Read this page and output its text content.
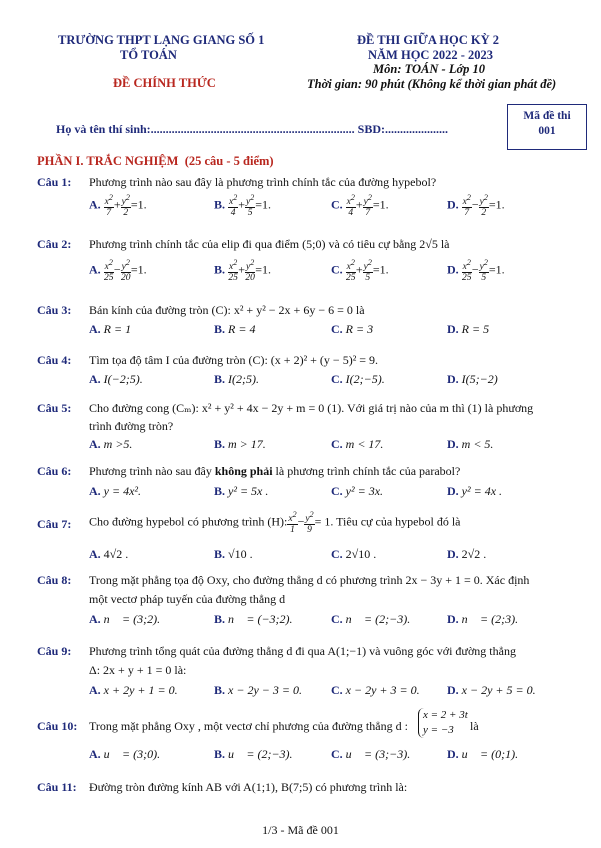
TRƯỜNG THPT LẠNG GIANG SỐ 1
TỔ TOÁN
ĐỀ CHÍNH THỨC
ĐỀ THI GIỮA HỌC KỲ 2
NĂM HỌC 2022 - 2023
Môn: TOÁN - Lớp 10
Thời gian: 90 phút (Không kể thời gian phát đề)
Mã đề thi
001
Họ và tên thí sinh:.................................................................... SBD:.....................
PHẦN I. TRẮC NGHIỆM (25 câu - 5 điểm)
Câu 1: Phương trình nào sau đây là phương trình chính tắc của đường hypebol?
A. $\frac{x^2}{7} + \frac{y^2}{2} =1$.	B. $\frac{x^2}{4} + \frac{y^2}{5} =1$.	C. $\frac{x^2}{4} + \frac{y^2}{7} =1$.	D. $\frac{x^2}{7} - \frac{y^2}{2} =1$.
Câu 2: Phương trình chính tắc của elip đi qua điểm (5;0) và có tiêu cự bằng 2√5 là
A. $\frac{x^2}{25} - \frac{y^2}{20} =1$.	B. $\frac{x^2}{25} + \frac{y^2}{20} =1$.	C. $\frac{x^2}{25} + \frac{y^2}{5} =1$.	D. $\frac{x^2}{25} - \frac{y^2}{5} =1$.
Câu 3: Bán kính của đường tròn (C): x² + y² − 2x + 6y − 6 = 0 là
A. R = 1	B. R = 4	C. R = 3	D. R = 5
Câu 4: Tìm tọa độ tâm I của đường tròn (C): (x + 2)² + (y − 5)² = 9.
A. I(−2;5).	B. I(2;5).	C. I(2;−5).	D. I(5;−2)
Câu 5: Cho đường cong (Cₘ): x² + y² + 4x − 2y + m = 0 (1). Với giá trị nào của m thì (1) là phương
trình đường tròn?
A. m >5.	B. m > 17.	C. m < 17.	D. m < 5.
Câu 6: Phương trình nào sau đây không phải là phương trình chính tắc của parabol?
A. y = 4x².	B. y² = 5x .	C. y² = 3x.	D. y² = 4x .
Câu 7: Cho đường hypebol có phương trình (H): $\frac{x^2}{1} - \frac{y^2}{9} = 1$. Tiêu cự của hypebol đó là
A. 4√2 .	B. √10 .	C. 2√10 .	D. 2√2 .
Câu 8: Trong mặt phẳng tọa độ Oxy, cho đường thẳng d có phương trình 2x − 3y + 1 = 0. Xác định
một vectơ pháp tuyến của đường thẳng d
A. n⃗ = (3;2).	B. n⃗ = (−3;2).	C. n⃗ = (2;−3).	D. n⃗ = (2;3).
Câu 9: Phương trình tổng quát của đường thẳng d đi qua A(1;−1) và vuông góc với đường thẳng
Δ: 2x + y + 1 = 0 là:
A. x + 2y + 1 = 0.	B. x − 2y − 3 = 0. C. x − 2y + 3 = 0. D. x − 2y + 5 = 0.
Câu 10: Trong mặt phẳng Oxy , một vectơ chỉ phương của đường thẳng d :
x = 2 + 3t
y = −3	là
A. u⃗ = (3;0).	B. u⃗ = (2;−3).	C. u⃗ = (3;−3).	D. u⃗ = (0;1).
Câu 11: Đường tròn đường kính AB với A(1;1), B(7;5) có phương trình là:
1/3 - Mã đề 001
